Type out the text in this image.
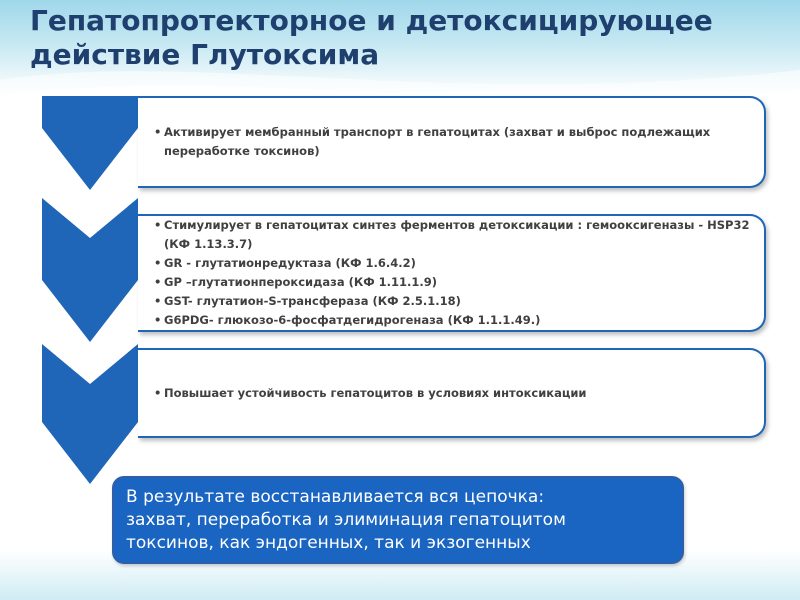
Гепатопротекторное и детоксицирующее
действие Глутоксима
• Активирует мембранный транспорт в гепатоцитах (захват и выброс подлежащих переработке токсинов)
• Стимулирует в гепатоцитах синтез ферментов детоксикации : гемооксигеназы - HSP32 (КФ 1.13.3.7)
• GR - глутатионредуктаза (КФ 1.6.4.2)
• GP –глутатионпероксидаза (КФ 1.11.1.9)
• GST- глутатион-S-трансфераза (КФ 2.5.1.18)
• G6PDG- глюкозо-6-фосфатдегидрогеназа (КФ 1.1.1.49.)
• Повышает устойчивость гепатоцитов в условиях интоксикации
В результате восстанавливается вся цепочка:
захват, переработка и элиминация гепатоцитом
токсинов, как эндогенных, так и экзогенных
